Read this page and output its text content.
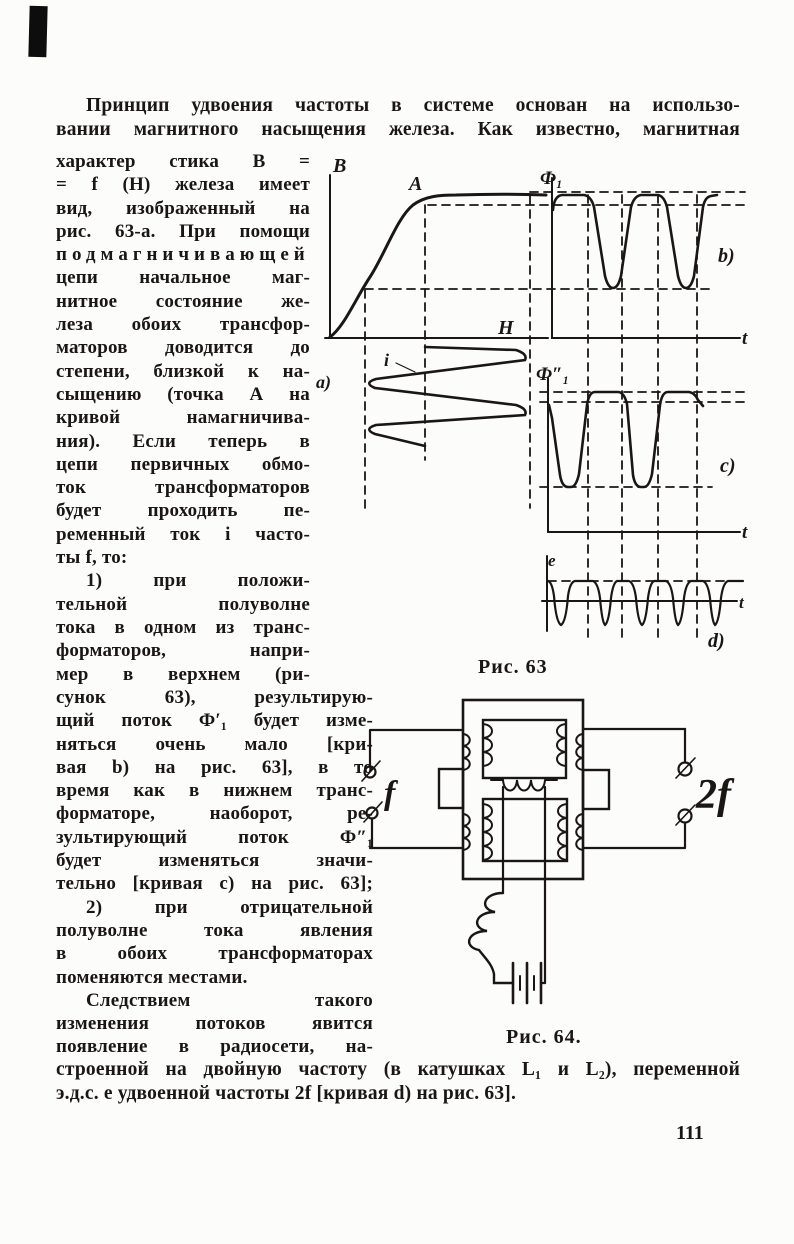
Принцип удвоения частоты в системе основан на использо-
вании магнитного насыщения железа. Как известно, магнитная
характер стика В =
= f (Н) железа имеет
вид, изображенный на
рис. 63-а. При помощи
подмагничивающей
цепи начальное маг-
нитное состояние же-
леза обоих трансфор-
маторов доводится до
степени, близкой к на-
сыщению (точка А на
кривой намагничива-
ния). Если теперь в
цепи первичных обмо-
ток трансформаторов
будет проходить пе-
ременный ток i часто-
ты f, то:
1) при положи-
тельной полуволне
тока в одном из транс-
форматоров, напри-
мер в верхнем (ри-
сунок 63), результирую-
щий поток Ф′₁ будет изме-
няться очень мало [кри-
вая b) на рис. 63], в то
время как в нижнем транс-
форматоре, наоборот, ре-
зультирующий поток Ф″₁
будет изменяться значи-
тельно [кривая с) на рис. 63];
2) при отрицательной
полуволне тока явления
в обоих трансформаторах
поменяются местами.
Следствием такого
изменения потоков явится
появление в радиосети, на-
строенной на двойную частоту (в катушках L₁ и L₂), переменной
э.д.с. е удвоенной частоты 2f [кривая d) на рис. 63].
B
A
H
i
а)
Ф₁
b)
t
Ф″₁
с)
t
e
t
d)
Рис. 63
f	2f
Рис. 64.
111
